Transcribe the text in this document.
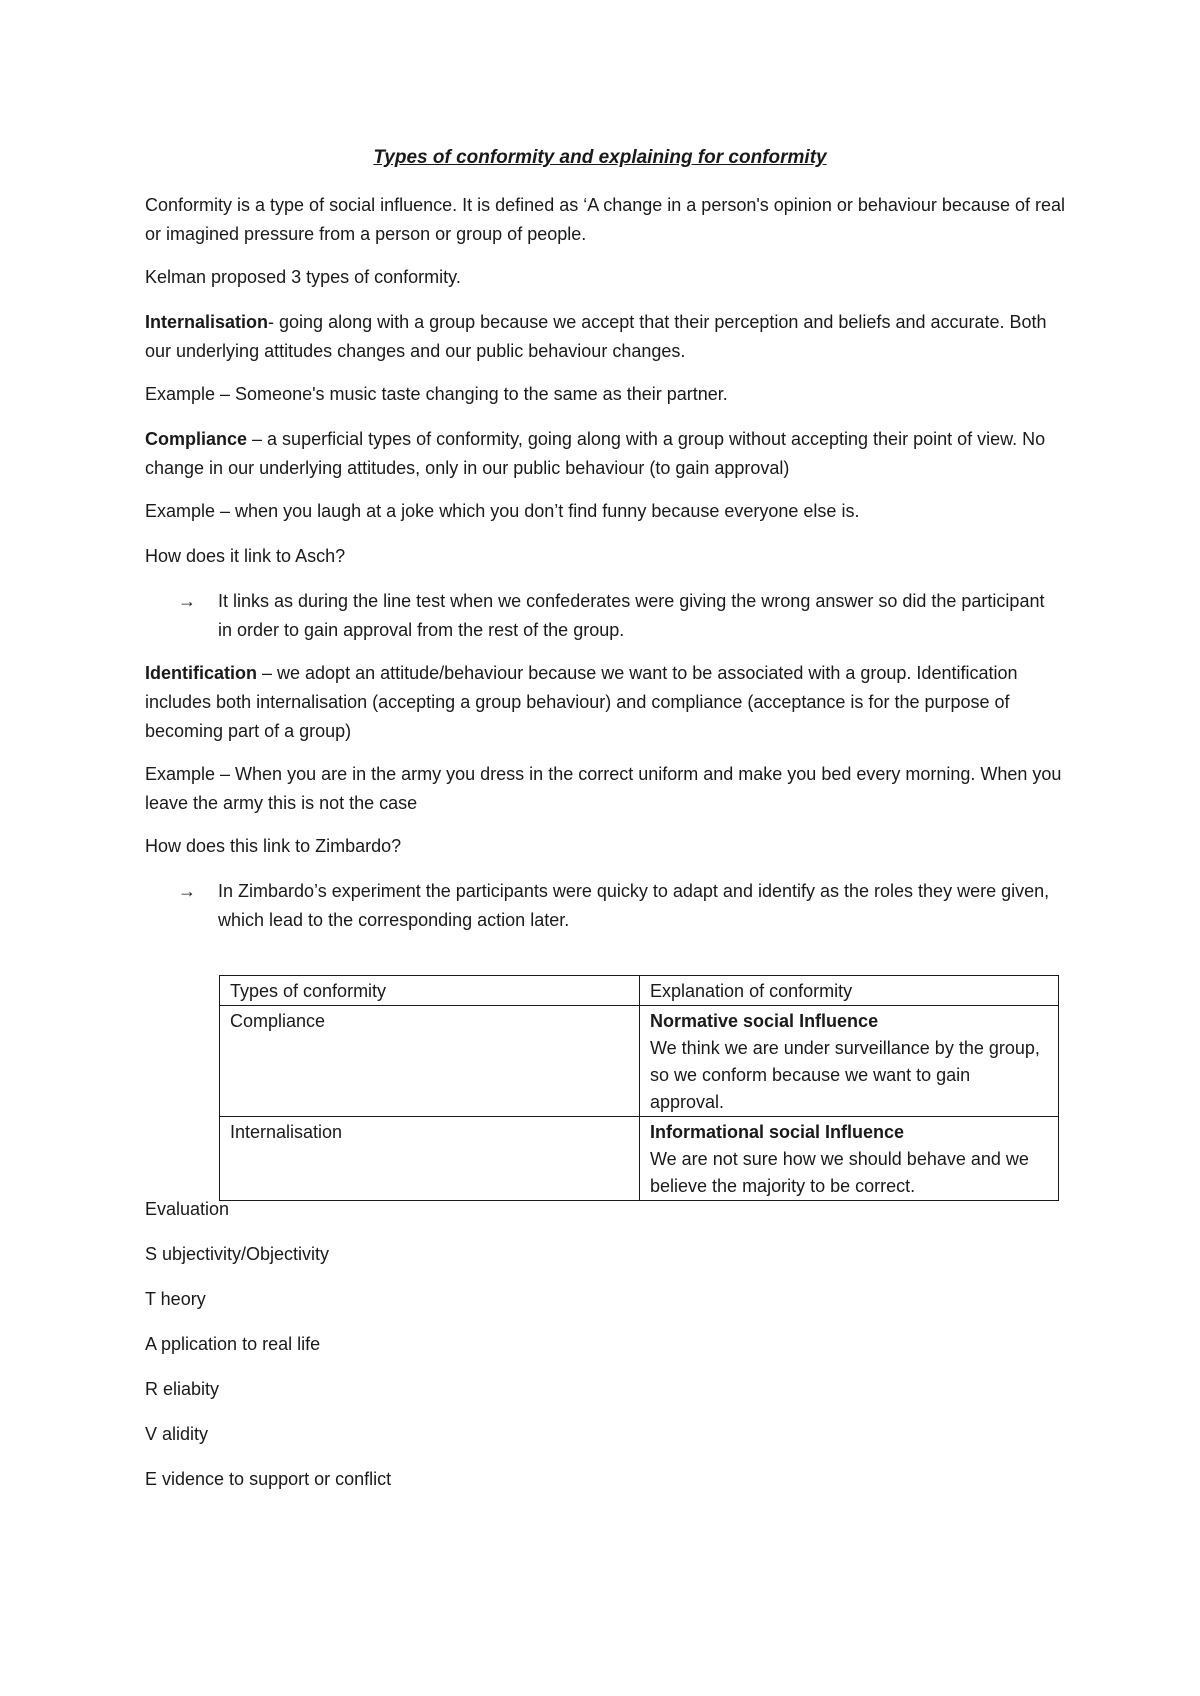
Types of conformity and explaining for conformity

Conformity is a type of social influence. It is defined as ‘A change in a person's opinion or behaviour because of real or imagined pressure from a person or group of people.

Kelman proposed 3 types of conformity.

Internalisation- going along with a group because we accept that their perception and beliefs and accurate. Both our underlying attitudes changes and our public behaviour changes.

Example – Someone's music taste changing to the same as their partner.

Compliance – a superficial types of conformity, going along with a group without accepting their point of view. No change in our underlying attitudes, only in our public behaviour (to gain approval)

Example – when you laugh at a joke which you don’t find funny because everyone else is.

How does it link to Asch?

→ It links as during the line test when we confederates were giving the wrong answer so did the participant in order to gain approval from the rest of the group.

Identification – we adopt an attitude/behaviour because we want to be associated with a group. Identification includes both internalisation (accepting a group behaviour) and compliance (acceptance is for the purpose of becoming part of a group)

Example – When you are in the army you dress in the correct uniform and make you bed every morning. When you leave the army this is not the case

How does this link to Zimbardo?

→ In Zimbardo’s experiment the participants were quicky to adapt and identify as the roles they were given, which lead to the corresponding action later.
Types of conformity	Explanation of conformity
Compliance	Normative social Influence
We think we are under surveillance by the group, so we conform because we want to gain approval.

Internalisation	Informational social Influence
We are not sure how we should behave and we believe the majority to be correct.
Evaluation
S ubjectivity/Objectivity
T heory
A pplication to real life
R eliabity
V alidity
E vidence to support or conflict
